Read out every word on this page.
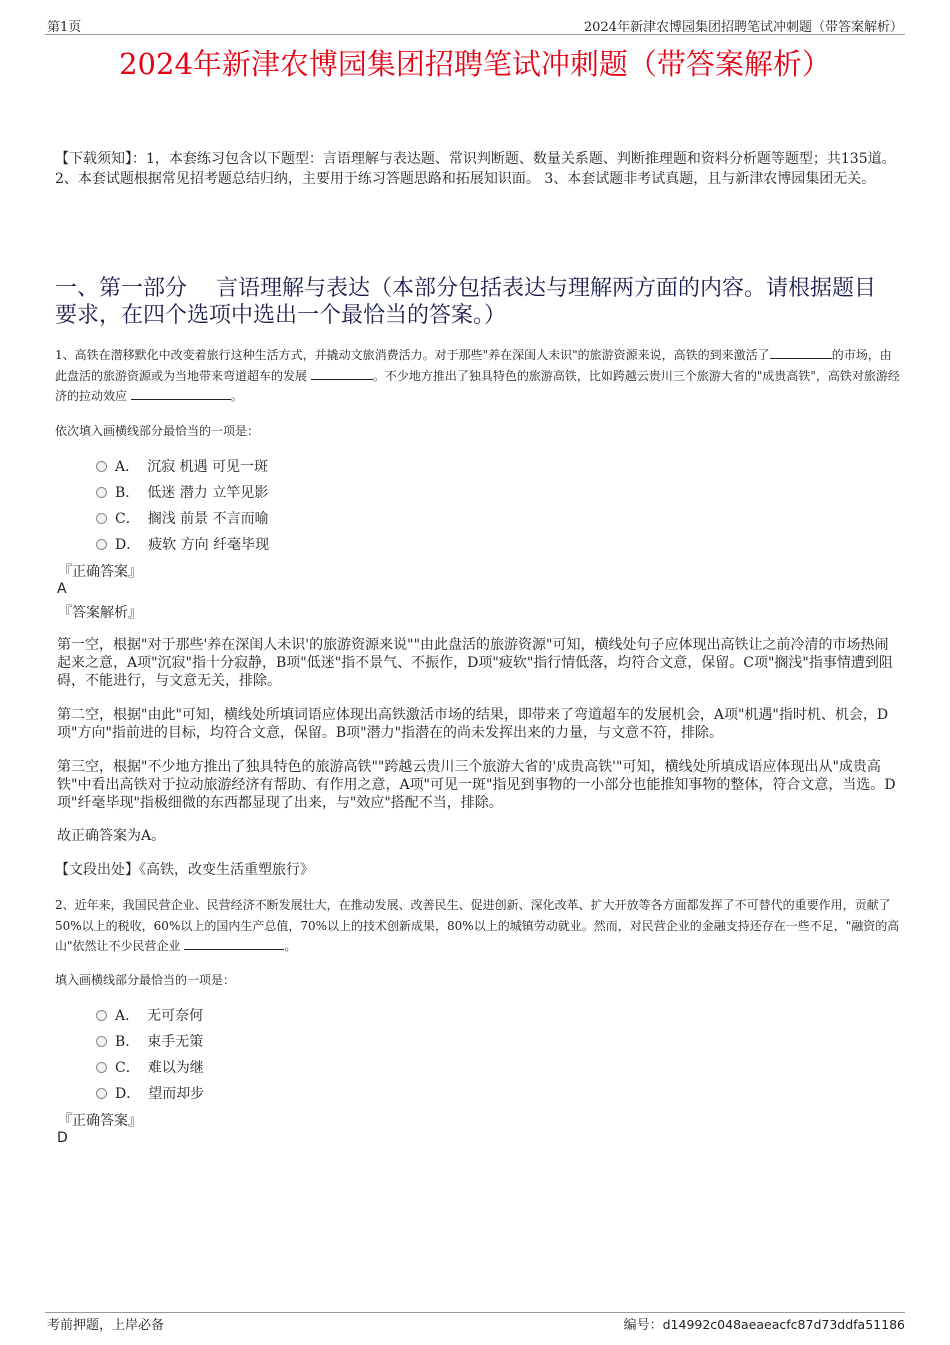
第1页	2024年新津农博园集团招聘笔试冲刺题（带答案解析）
2024年新津农博园集团招聘笔试冲刺题（带答案解析）
【下载须知】：1，本套练习包含以下题型：言语理解与表达题、常识判断题、数量关系题、判断推理题和资料分析题等题型；共135道。 2、本套试题根据常见招考题总结归纳，主要用于练习答题思路和拓展知识面。 3、本套试题非考试真题，且与新津农博园集团无关。
一、第一部分　 言语理解与表达（本部分包括表达与理解两方面的内容。请根据题目要求，在四个选项中选出一个最恰当的答案。）
1、高铁在潜移默化中改变着旅行这种生活方式，并撬动文旅消费活力。对于那些"养在深闺人未识"的旅游资源来说，高铁的到来激活了	的市场，由此盘活的旅游资源或为当地带来弯道超车的发展	。不少地方推出了独具特色的旅游高铁，比如跨越云贵川三个旅游大省的"成贵高铁"，高铁对旅游经济的拉动效应	。
依次填入画横线部分最恰当的一项是：
A． 沉寂 机遇 可见一斑
B． 低迷 潜力 立竿见影
C． 搁浅 前景 不言而喻
D． 疲软 方向 纤毫毕现
『正确答案』
A
『答案解析』
第一空，根据"对于那些'养在深闺人未识'的旅游资源来说""由此盘活的旅游资源"可知，横线处句子应体现出高铁让之前冷清的市场热闹起来之意，A项"沉寂"指十分寂静，B项"低迷"指不景气、不振作，D项"疲软"指行情低落，均符合文意，保留。C项"搁浅"指事情遭到阻碍，不能进行，与文意无关，排除。
第二空，根据"由此"可知，横线处所填词语应体现出高铁激活市场的结果，即带来了弯道超车的发展机会，A项"机遇"指时机、机会，D项"方向"指前进的目标，均符合文意，保留。B项"潜力"指潜在的尚未发挥出来的力量，与文意不符，排除。
第三空，根据"不少地方推出了独具特色的旅游高铁""跨越云贵川三个旅游大省的'成贵高铁'"可知，横线处所填成语应体现出从"成贵高铁"中看出高铁对于拉动旅游经济有帮助、有作用之意，A项"可见一斑"指见到事物的一小部分也能推知事物的整体，符合文意，当选。D项"纤毫毕现"指极细微的东西都显现了出来，与"效应"搭配不当，排除。
故正确答案为A。
【文段出处】《高铁，改变生活重塑旅行》
2、近年来，我国民营企业、民营经济不断发展壮大，在推动发展、改善民生、促进创新、深化改革、扩大开放等各方面都发挥了不可替代的重要作用，贡献了50%以上的税收，60%以上的国内生产总值，70%以上的技术创新成果，80%以上的城镇劳动就业。然而，对民营企业的金融支持还存在一些不足，"融资的高山"依然让不少民营企业	。
填入画横线部分最恰当的一项是：
A． 无可奈何
B． 束手无策
C． 难以为继
D． 望而却步
『正确答案』
D
考前押题，上岸必备	编号：d14992c048aeaeacfc87d73ddfa51186
